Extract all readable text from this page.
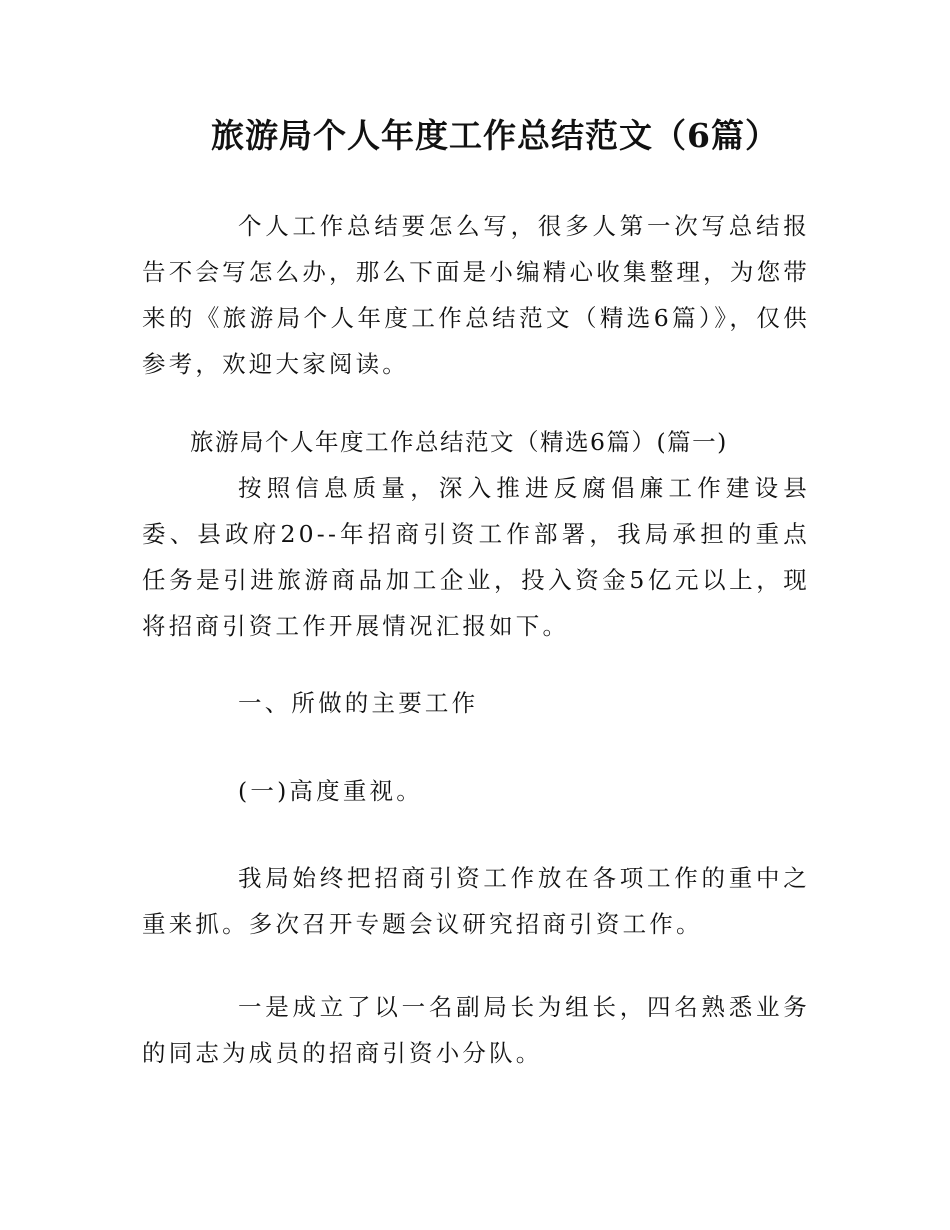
旅游局个人年度工作总结范文（6篇）

个人工作总结要怎么写，很多人第一次写总结报告不会写怎么办，那么下面是小编精心收集整理，为您带来的《旅游局个人年度工作总结范文（精选6篇）》，仅供参考，欢迎大家阅读。

旅游局个人年度工作总结范文（精选6篇）(篇一)

按照信息质量，深入推进反腐倡廉工作建设县委、县政府20--年招商引资工作部署，我局承担的重点任务是引进旅游商品加工企业，投入资金5亿元以上，现将招商引资工作开展情况汇报如下。

一、所做的主要工作

(一)高度重视。

我局始终把招商引资工作放在各项工作的重中之重来抓。多次召开专题会议研究招商引资工作。

一是成立了以一名副局长为组长，四名熟悉业务的同志为成员的招商引资小分队。
